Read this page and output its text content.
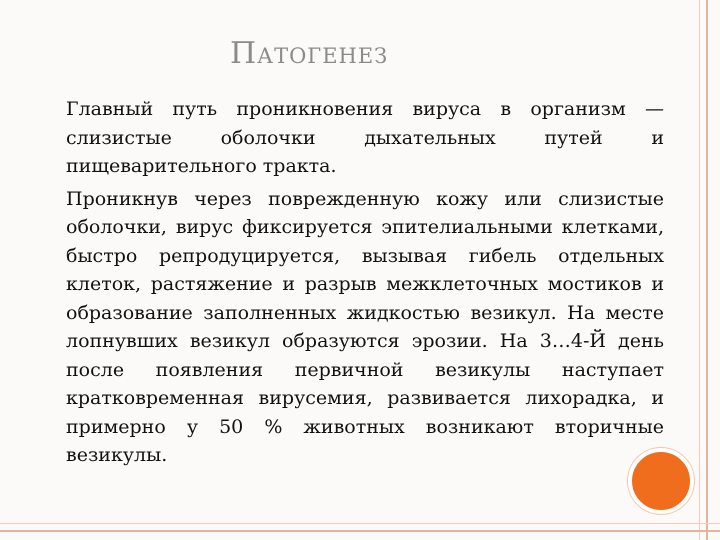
ПАТОГЕНЕЗ

Главный путь проникновения вируса в организм — слизистые оболочки дыхательных путей и пищеварительного тракта.

Проникнув через поврежденную кожу или слизистые оболочки, вирус фиксируется эпителиальными клетками, быстро репродуцируется, вызывая гибель отдельных клеток, растяжение и разрыв межклеточных мостиков и образование заполненных жидкостью везикул. На месте лопнувших везикул образуются эрозии. На 3…4-Й день после появления первичной везикулы наступает кратковременная вирусемия, развивается лихорадка, и примерно у 50 % животных возникают вторичные везикулы.
